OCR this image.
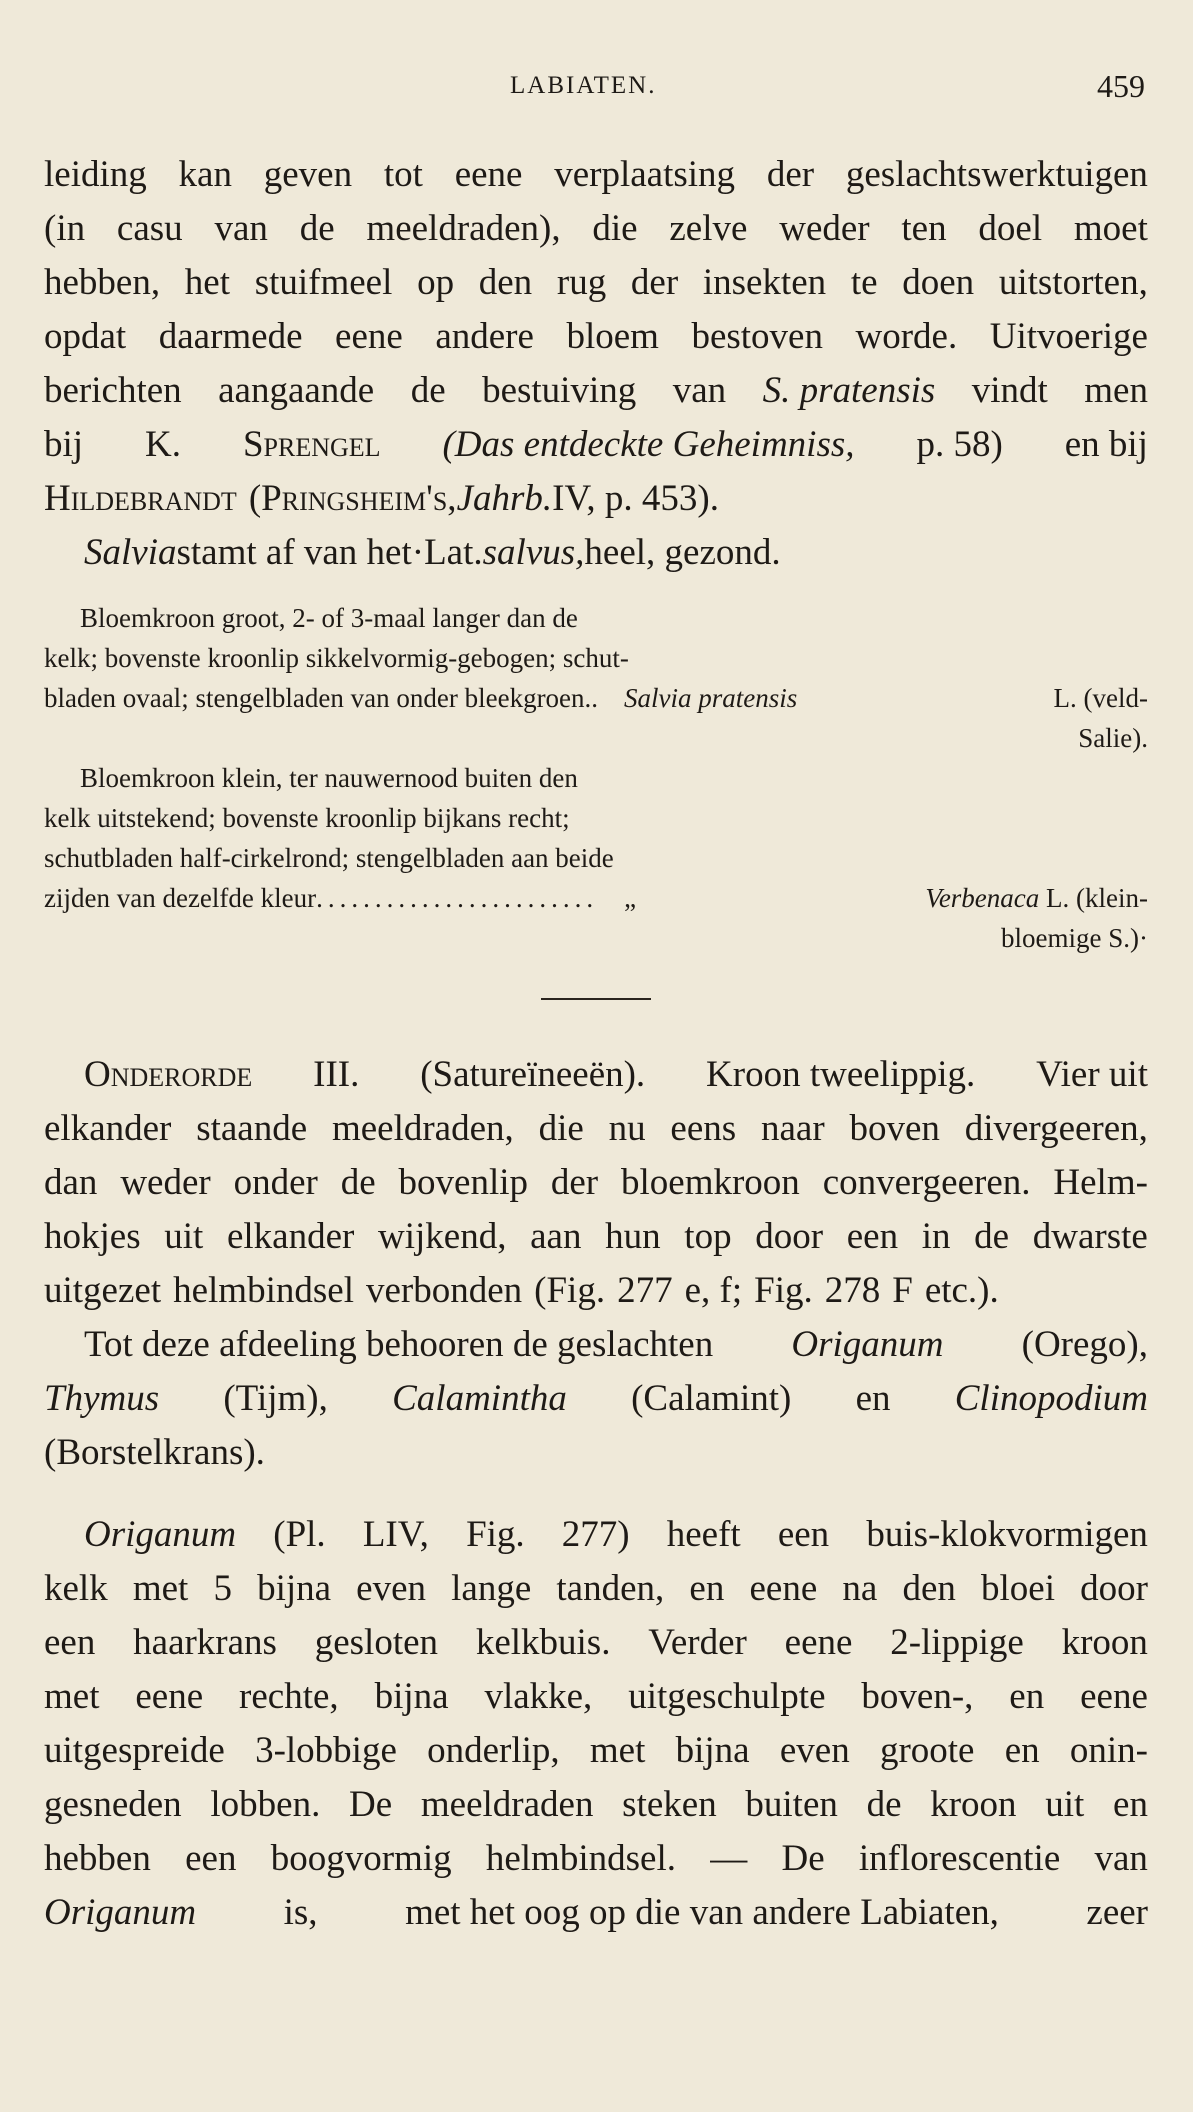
LABIATEN.	459
leiding kan geven tot eene verplaatsing der geslachtswerktuigen
(in casu van de meeldraden), die zelve weder ten doel moet
hebben, het stuifmeel op den rug der insekten te doen uitstorten,
opdat daarmede eene andere bloem bestoven worde. Uitvoerige
berichten aangaande de bestuiving van S. pratensis vindt men
bij K. Sprengel (Das entdeckte Geheimniss, p. 58) en bij
Hildebrandt (Pringsheim's, Jahrb. IV, p. 453).
Salvia stamt af van het·Lat. salvus, heel, gezond.
Bloemkroon groot, 2- of 3-maal langer dan de
kelk; bovenste kroonlip sikkelvormig-gebogen; schut-
bladen ovaal; stengelbladen van onder bleekgroen.. Salvia pratensis	L. (veld-
Salie).
Bloemkroon klein, ter nauwernood buiten den
kelk uitstekend; bovenste kroonlip bijkans recht;
schutbladen half-cirkelrond; stengelbladen aan beide
zijden van dezelfde kleur........................ „	Verbenaca L. (klein-
bloemige S.)·
Onderorde III. (Satureïneeën). Kroon tweelippig. Vier uit
elkander staande meeldraden, die nu eens naar boven divergeeren,
dan weder onder de bovenlip der bloemkroon convergeeren. Helm-
hokjes uit elkander wijkend, aan hun top door een in de dwarste
uitgezet helmbindsel verbonden (Fig. 277 e, f; Fig. 278 F etc.).
Tot deze afdeeling behooren de geslachten Origanum (Orego),
Thymus (Tijm), Calamintha (Calamint) en Clinopodium
(Borstelkrans).
Origanum (Pl. LIV, Fig. 277) heeft een buis-klokvormigen
kelk met 5 bijna even lange tanden, en eene na den bloei door
een haarkrans gesloten kelkbuis. Verder eene 2-lippige kroon
met eene rechte, bijna vlakke, uitgeschulpte boven-, en eene
uitgespreide 3-lobbige onderlip, met bijna even groote en onin-
gesneden lobben. De meeldraden steken buiten de kroon uit en
hebben een boogvormig helmbindsel. — De inflorescentie van
Origanum is, met het oog op die van andere Labiaten, zeer
